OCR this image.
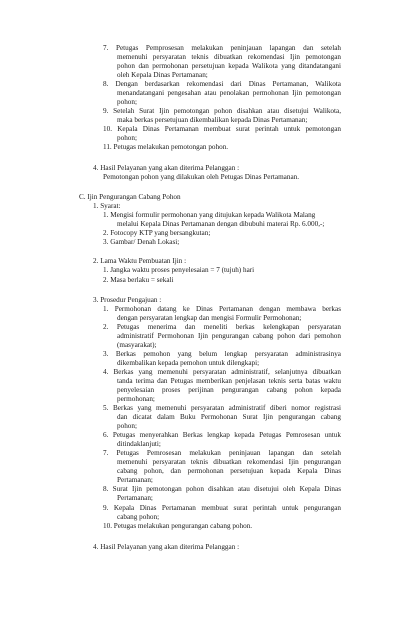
7. Petugas Pemprosesan melakukan peninjauan lapangan dan setelah
memenuhi persyaratan teknis dibuatkan rekomendasi Ijin pemotongan
pohon dan permohonan persetujuan kepada Walikota yang ditandatangani
oleh Kepala Dinas Pertamanan;
8. Dengan berdasarkan rekomendasi dari Dinas Pertamanan, Walikota
menandatangani pengesahan atau penolakan permohonan Ijin pemotongan
pohon;
9. Setelah Surat Ijin pemotongan pohon disahkan atau disetujui Walikota,
maka berkas persetujuan dikembalikan kepada Dinas Pertamanan;
10. Kepala Dinas Pertamanan membuat surat perintah untuk pemotongan
pohon;
11. Petugas melakukan pemotongan pohon.
4. Hasil Pelayanan yang akan diterima Pelanggan :
Pemotongan pohon yang dilakukan oleh Petugas Dinas Pertamanan.
C. Ijin Pengurangan Cabang Pohon
1. Syarat:
1. Mengisi formulir permohonan yang ditujukan kepada Walikota Malang
melalui Kepala Dinas Pertamanan dengan dibubuhi materai Rp. 6.000,-;
2. Fotocopy KTP yang bersangkutan;
3. Gambar/ Denah Lokasi;
2. Lama Waktu Pembuatan Ijin :
1. Jangka waktu proses penyelesaian = 7 (tujuh) hari
2. Masa berlaku = sekali
3. Prosedur Pengajuan :
1. Permohonan datang ke Dinas Pertamanan dengan membawa berkas
dengan persyaratan lengkap dan mengisi Formulir Permohonan;
2. Petugas menerima dan meneliti berkas kelengkapan persyaratan
administratif Permohonan Ijin pengurangan cabang pohon dari pemohon
(masyarakat);
3. Berkas pemohon yang belum lengkap persyaratan administrasinya
dikembalikan kepada pemohon untuk dilengkapi;
4. Berkas yang memenuhi persyaratan administratif, selanjutnya dibuatkan
tanda terima dan Petugas memberikan penjelasan teknis serta batas waktu
penyelesaian proses perijinan pengurangan cabang pohon kepada
permohonan;
5. Berkas yang memenuhi persyaratan administratif diberi nomor registrasi
dan dicatat dalam Buku Permohonan Surat Ijin pengurangan cabang
pohon;
6. Petugas menyerahkan Berkas lengkap kepada Petugas Pemrosesan untuk
ditindaklanjuti;
7. Petugas Pemrosesan melakukan peninjauan lapangan dan setelah
memenuhi persyaratan teknis dibuatkan rekomendasi Ijin pengurangan
cabang pohon, dan permohonan persetujuan kepada Kepala Dinas
Pertamanan;
8. Surat Ijin pemotongan pohon disahkan atau disetujui oleh Kepala Dinas
Pertamanan;
9. Kepala Dinas Pertamanan membuat surat perintah untuk pengurangan
cabang pohon;
10. Petugas melakukan pengurangan cabang pohon.
4. Hasil Pelayanan yang akan diterima Pelanggan :
